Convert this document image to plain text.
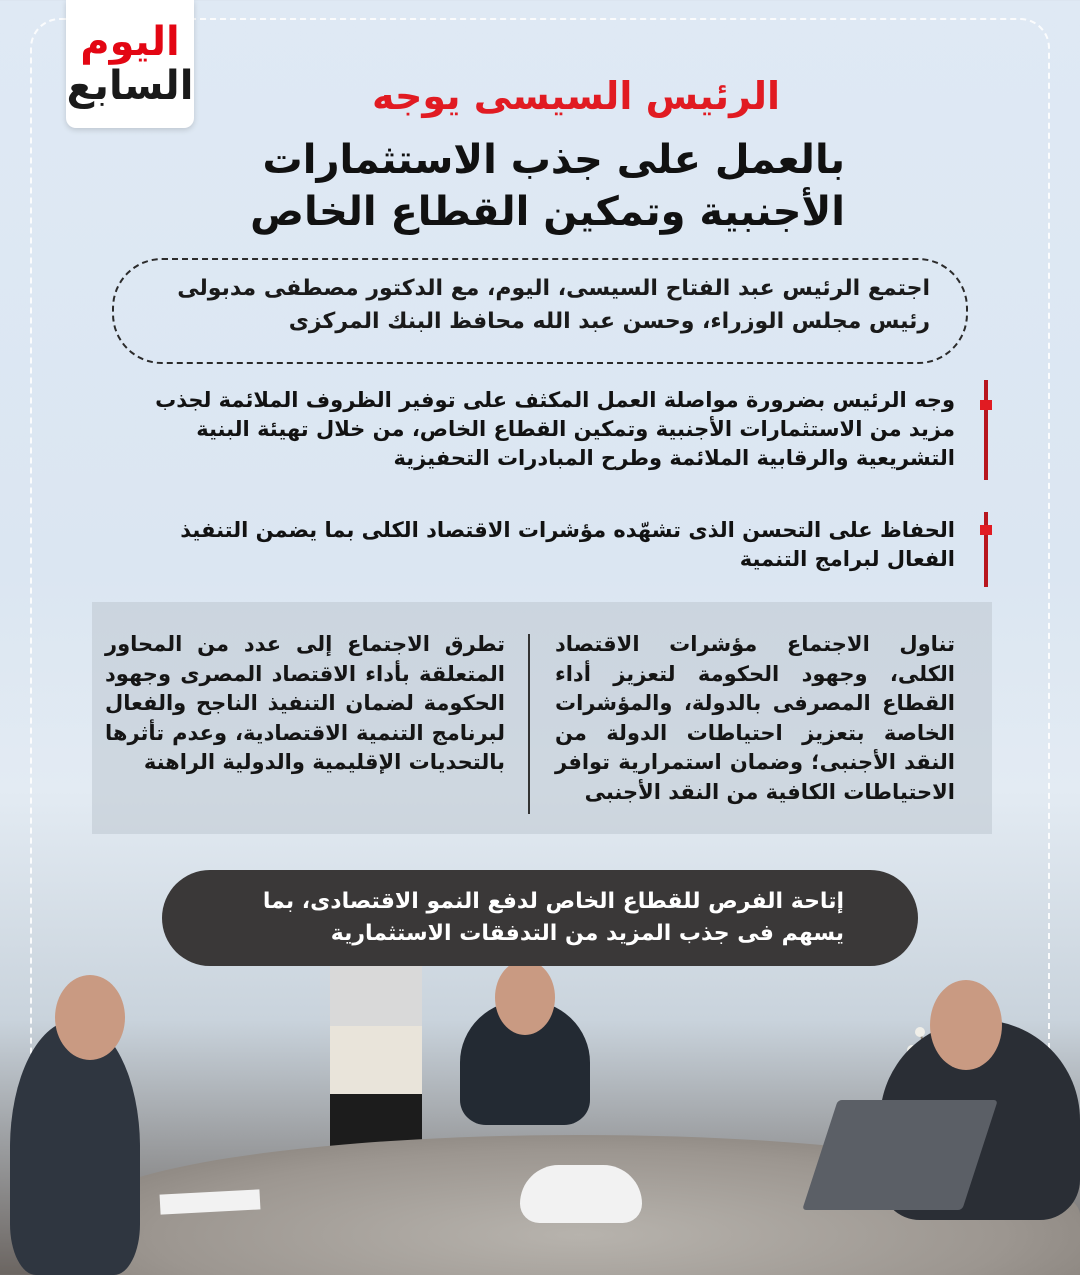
اليوم
السابع	الرئيس السيسى يوجه
بالعمل على جذب الاستثمارات
الأجنبية وتمكين القطاع الخاص
اجتمع الرئيس عبد الفتاح السيسى، اليوم، مع الدكتور مصطفى مدبولى رئيس مجلس الوزراء، وحسن عبد الله محافظ البنك المركزى
وجه الرئيس بضرورة مواصلة العمل المكثف على توفير الظروف الملائمة لجذب مزيد من الاستثمارات الأجنبية وتمكين القطاع الخاص، من خلال تهيئة البنية التشريعية والرقابية الملائمة وطرح المبادرات التحفيزية
الحفاظ على التحسن الذى تشهّده مؤشرات الاقتصاد الكلى بما يضمن التنفيذ الفعال لبرامج التنمية
تناول الاجتماع مؤشرات الاقتصاد الكلى، وجهود الحكومة لتعزيز أداء القطاع المصرفى بالدولة، والمؤشرات الخاصة بتعزيز احتياطات الدولة من النقد الأجنبى؛ وضمان استمرارية توافر الاحتياطات الكافية من النقد الأجنبى
تطرق الاجتماع إلى عدد من المحاور المتعلقة بأداء الاقتصاد المصرى وجهود الحكومة لضمان التنفيذ الناجح والفعال لبرنامج التنمية الاقتصادية، وعدم تأثرها بالتحديات الإقليمية والدولية الراهنة
إتاحة الفرص للقطاع الخاص لدفع النمو الاقتصادى، بما يسهم فى جذب المزيد من التدفقات الاستثمارية
